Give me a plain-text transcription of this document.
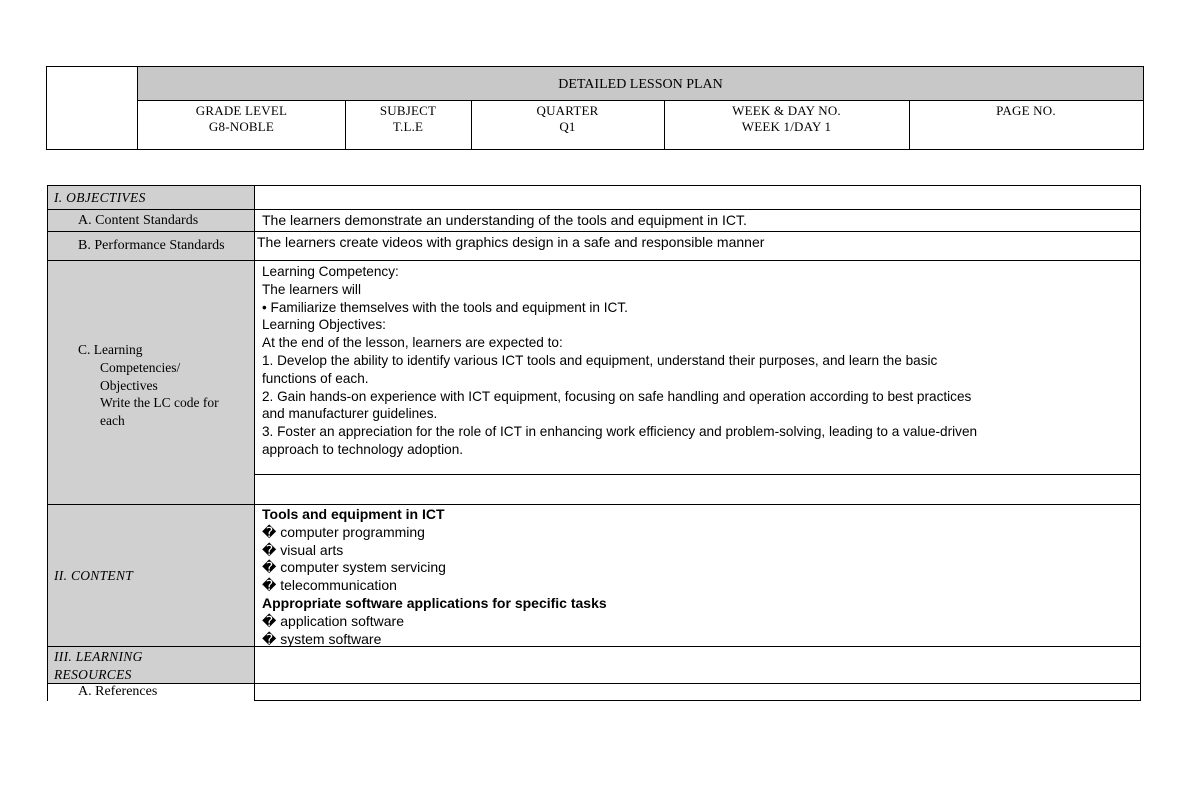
DETAILED LESSON PLAN
GRADE LEVEL
G8-NOBLE
SUBJECT
T.L.E
QUARTER
Q1
WEEK & DAY NO.
WEEK 1/DAY 1
PAGE NO.
I. OBJECTIVES
A. Content Standards	The learners demonstrate an understanding of the tools and equipment in ICT.
B. Performance Standards	The learners create videos with graphics design in a safe and responsible manner
C. Learning
Competencies/
Objectives
Write the LC code for
each
Learning Competency:
The learners will
• Familiarize themselves with the tools and equipment in ICT.
Learning Objectives:
At the end of the lesson, learners are expected to:
1. Develop the ability to identify various ICT tools and equipment, understand their purposes, and learn the basic
functions of each.
2. Gain hands-on experience with ICT equipment, focusing on safe handling and operation according to best practices
and manufacturer guidelines.
3. Foster an appreciation for the role of ICT in enhancing work efficiency and problem-solving, leading to a value-driven
approach to technology adoption.
II. CONTENT
Tools and equipment in ICT
� computer programming
� visual arts
� computer system servicing
� telecommunication
Appropriate software applications for specific tasks
� application software
� system software
III. LEARNING
RESOURCES
A. References
